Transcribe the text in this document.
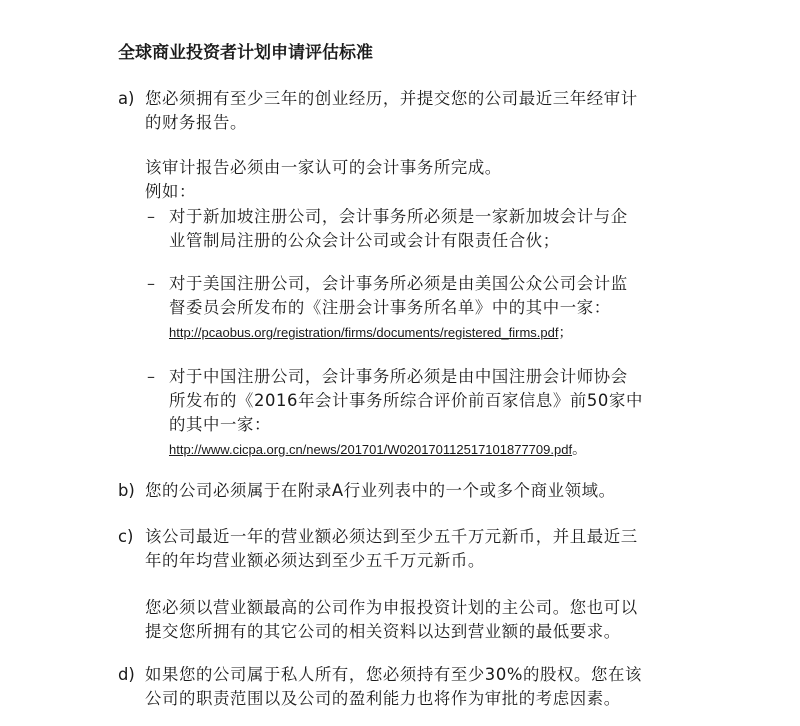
全球商业投资者计划申请评估标准
a) 您必须拥有至少三年的创业经历，并提交您的公司最近三年经审计
的财务报告。
该审计报告必须由一家认可的会计事务所完成。
例如：
– 对于新加坡注册公司，会计事务所必须是一家新加坡会计与企
业管制局注册的公众会计公司或会计有限责任合伙；
– 对于美国注册公司，会计事务所必须是由美国公众公司会计监
督委员会所发布的《注册会计事务所名单》中的其中一家：
http://pcaobus.org/registration/firms/documents/registered_firms.pdf；
– 对于中国注册公司，会计事务所必须是由中国注册会计师协会
所发布的《2016年会计事务所综合评价前百家信息》前50家中
的其中一家：
http://www.cicpa.org.cn/news/201701/W020170112517101877709.pdf。
b) 您的公司必须属于在附录A行业列表中的一个或多个商业领域。
c) 该公司最近一年的营业额必须达到至少五千万元新币，并且最近三
年的年均营业额必须达到至少五千万元新币。
您必须以营业额最高的公司作为申报投资计划的主公司。您也可以
提交您所拥有的其它公司的相关资料以达到营业额的最低要求。
d) 如果您的公司属于私人所有，您必须持有至少30%的股权。您在该
公司的职责范围以及公司的盈利能力也将作为审批的考虑因素。
